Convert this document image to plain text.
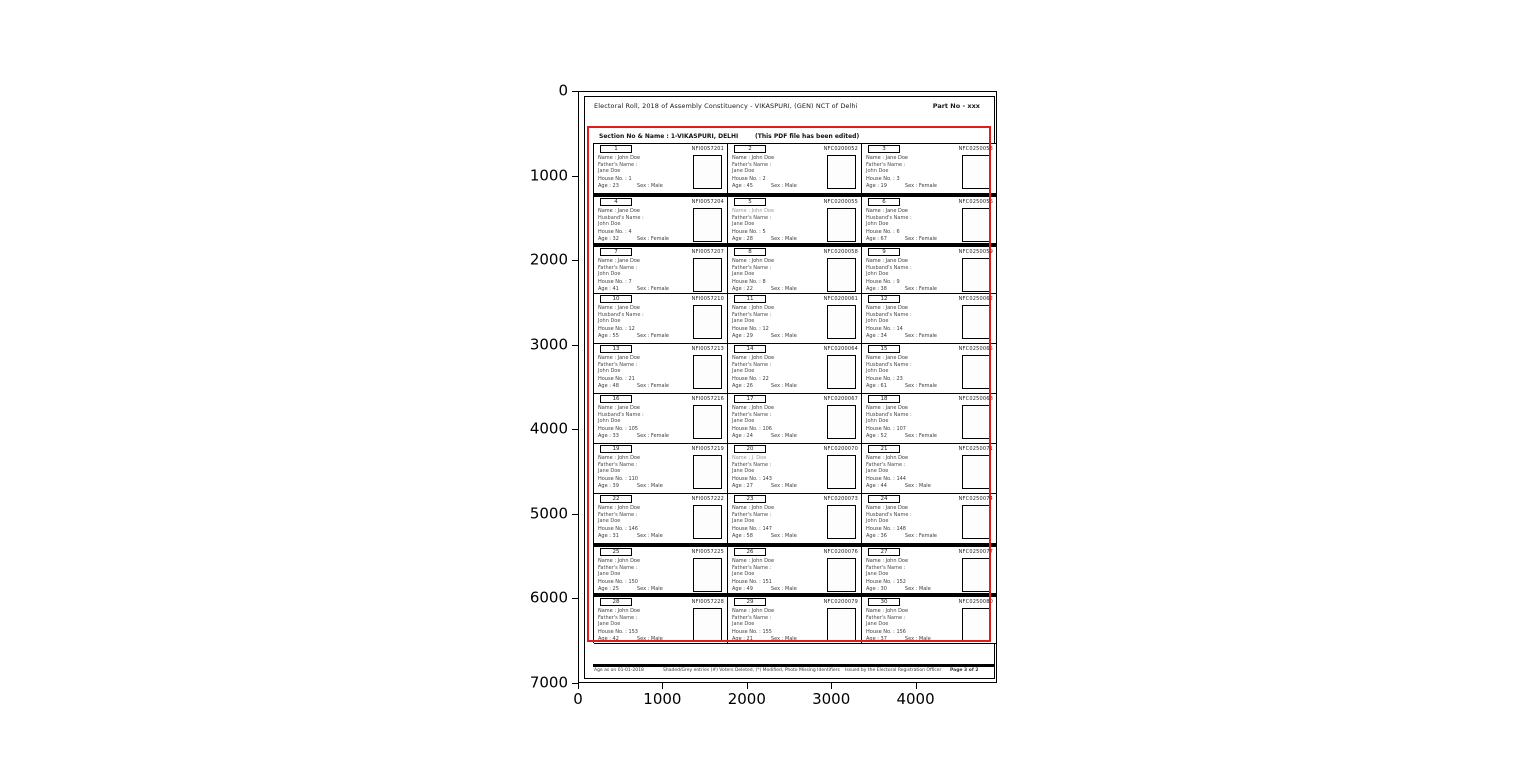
0
1000
2000
3000
4000
5000
6000
7000
0	1000	2000	3000	4000
Electoral Roll, 2018 of Assembly Constituency - VIKASPURI, (GEN) NCT of Delhi	Part No - xxx
Section No & Name : 1-VIKASPURI, DELHI	(This PDF file has been edited)
1	NFI0057201
Name : John Doe
Father's Name :
Jane Doe
House No. : 1
Age :
23	Sex :
Male
2	NFC0200052
Name : John Doe
Father's Name :
Jane Doe
House No. : 2
Age :
45	Sex :
Male
3	NFC0250053
Name : Jane Doe
Father's Name :
John Doe
House No. : 3
Age :
19	Sex :
Female
4	NFI0057204
Name : Jane Doe
Husband's Name :
John Doe
House No. : 4
Age :
32	Sex :
Female
5	NFC0200055
Name : John Doe
Father's Name :
Jane Doe
House No. : 5
Age :
28	Sex :
Male
6	NFC0250056
Name : Jane Doe
Husband's Name :
John Doe
House No. : 6
Age :
67	Sex :
Female
7	NFI0057207
Name : Jane Doe
Father's Name :
John Doe
House No. : 7
Age :
41	Sex :
Female
8	NFC0200058
Name : John Doe
Father's Name :
Jane Doe
House No. : 8
Age :
22	Sex :
Male
9	NFC0250059
Name : Jane Doe
Husband's Name :
John Doe
House No. : 9
Age :
38	Sex :
Female
10	NFI0057210
Name : Jane Doe
Husband's Name :
John Doe
House No. : 12
Age :
55	Sex :
Female
11	NFC0200061
Name : John Doe
Father's Name :
Jane Doe
House No. : 12
Age :
29	Sex :
Male
12	NFC0250062
Name : Jane Doe
Husband's Name :
John Doe
House No. : 14
Age :
34	Sex :
Female
13	NFI0057213
Name : Jane Doe
Father's Name :
John Doe
House No. : 21
Age :
48	Sex :
Female
14	NFC0200064
Name : John Doe
Father's Name :
Jane Doe
House No. : 22
Age :
26	Sex :
Male
15	NFC0250065
Name : Jane Doe
Husband's Name :
John Doe
House No. : 23
Age :
61	Sex :
Female
16	NFI0057216
Name : Jane Doe
Husband's Name :
John Doe
House No. : 105
Age :
33	Sex :
Female
17	NFC0200067
Name : John Doe
Father's Name :
Jane Doe
House No. : 106
Age :
24	Sex :
Male
18	NFC0250068
Name : Jane Doe
Husband's Name :
John Doe
House No. : 107
Age :
52	Sex :
Female
19	NFI0057219
Name : John Doe
Father's Name :
Jane Doe
House No. : 110
Age :
39	Sex :
Male
20	NFC0200070
Name : J. Doe
Father's Name :
Jane Doe
House No. : 143
Age :
27	Sex :
Male
21	NFC0250071
Name : John Doe
Father's Name :
Jane Doe
House No. : 144
Age :
44	Sex :
Male
22	NFI0057222
Name : John Doe
Father's Name :
Jane Doe
House No. : 146
Age :
31	Sex :
Male
23	NFC0200073
Name : John Doe
Father's Name :
Jane Doe
House No. : 147
Age :
58	Sex :
Male
24	NFC0250074
Name : Jane Doe
Husband's Name :
John Doe
House No. : 148
Age :
36	Sex :
Female
25	NFI0057225
Name : John Doe
Father's Name :
Jane Doe
House No. : 150
Age :
25	Sex :
Male
26	NFC0200076
Name : John Doe
Father's Name :
Jane Doe
House No. : 151
Age :
49	Sex :
Male
27	NFC0250077
Name : John Doe
Father's Name :
Jane Doe
House No. : 152
Age :
30	Sex :
Male
28	NFI0057228
Name : John Doe
Father's Name :
Jane Doe
House No. : 153
Age :
42	Sex :
Male
29	NFC0200079
Name : John Doe
Father's Name :
Jane Doe
House No. : 155
Age :
21	Sex :
Male
30	NFC0250080
Name : John Doe
Father's Name :
Jane Doe
House No. : 156
Age :
37	Sex :
Male
Age as on 01-01-2018	Shaded/Grey entries (#) Voters Deleted, (*) Modified, Photo Missing Identifiers Issued by the Electoral Registration Officer Page 3 of 2
